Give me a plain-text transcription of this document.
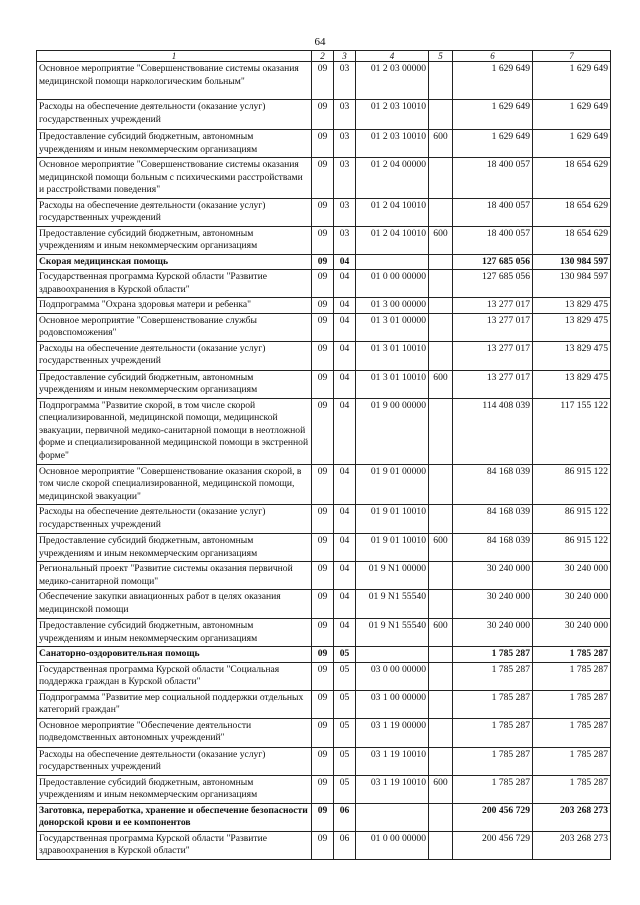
64
1	2	3	4	5	6	7
Основное мероприятие "Совершенствование системы оказания медицинской помощи наркологическим больным"	09	03	01 2 03 00000		1 629 649	1 629 649
Расходы на обеспечение деятельности (оказание услуг) государственных учреждений	09	03	01 2 03 10010		1 629 649	1 629 649
Предоставление субсидий бюджетным, автономным учреждениям и иным некоммерческим организациям	09	03	01 2 03 10010	600	1 629 649	1 629 649
Основное мероприятие "Совершенствование системы оказания медицинской помощи больным с психическими расстройствами и расстройствами поведения"	09	03	01 2 04 00000		18 400 057	18 654 629
Расходы на обеспечение деятельности (оказание услуг) государственных учреждений	09	03	01 2 04 10010		18 400 057	18 654 629
Предоставление субсидий бюджетным, автономным учреждениям и иным некоммерческим организациям	09	03	01 2 04 10010	600	18 400 057	18 654 629
Скорая медицинская помощь	09	04			127 685 056	130 984 597
Государственная программа Курской области "Развитие здравоохранения в Курской области"	09	04	01 0 00 00000		127 685 056	130 984 597
Подпрограмма "Охрана здоровья матери и ребенка"	09	04	01 3 00 00000		13 277 017	13 829 475
Основное мероприятие "Совершенствование службы родовспоможения"	09	04	01 3 01 00000		13 277 017	13 829 475
Расходы на обеспечение деятельности (оказание услуг) государственных учреждений	09	04	01 3 01 10010		13 277 017	13 829 475
Предоставление субсидий бюджетным, автономным учреждениям и иным некоммерческим организациям	09	04	01 3 01 10010	600	13 277 017	13 829 475
Подпрограмма "Развитие скорой, в том числе скорой специализированной, медицинской помощи, медицинской эвакуации, первичной медико-санитарной помощи в неотложной форме и специализированной медицинской помощи в экстренной форме"	09	04	01 9 00 00000		114 408 039	117 155 122
Основное мероприятие "Совершенствование оказания скорой, в том числе скорой специализированной, медицинской помощи, медицинской эвакуации"	09	04	01 9 01 00000		84 168 039	86 915 122
Расходы на обеспечение деятельности (оказание услуг) государственных учреждений	09	04	01 9 01 10010		84 168 039	86 915 122
Предоставление субсидий бюджетным, автономным учреждениям и иным некоммерческим организациям	09	04	01 9 01 10010	600	84 168 039	86 915 122
Региональный проект "Развитие системы оказания первичной медико-санитарной помощи"	09	04	01 9 N1 00000		30 240 000	30 240 000
Обеспечение закупки авиационных работ в целях оказания медицинской помощи	09	04	01 9 N1 55540		30 240 000	30 240 000
Предоставление субсидий бюджетным, автономным учреждениям и иным некоммерческим организациям	09	04	01 9 N1 55540	600	30 240 000	30 240 000
Санаторно-оздоровительная помощь	09	05			1 785 287	1 785 287
Государственная программа Курской области "Социальная поддержка граждан в Курской области"	09	05	03 0 00 00000		1 785 287	1 785 287
Подпрограмма "Развитие мер социальной поддержки отдельных категорий граждан"	09	05	03 1 00 00000		1 785 287	1 785 287
Основное мероприятие "Обеспечение деятельности подведомственных автономных учреждений"	09	05	03 1 19 00000		1 785 287	1 785 287
Расходы на обеспечение деятельности (оказание услуг) государственных учреждений	09	05	03 1 19 10010		1 785 287	1 785 287
Предоставление субсидий бюджетным, автономным учреждениям и иным некоммерческим организациям	09	05	03 1 19 10010	600	1 785 287	1 785 287
Заготовка, переработка, хранение и обеспечение безопасности донорской крови и ее компонентов	09	06			200 456 729	203 268 273
Государственная программа Курской области "Развитие здравоохранения в Курской области"	09	06	01 0 00 00000		200 456 729	203 268 273
